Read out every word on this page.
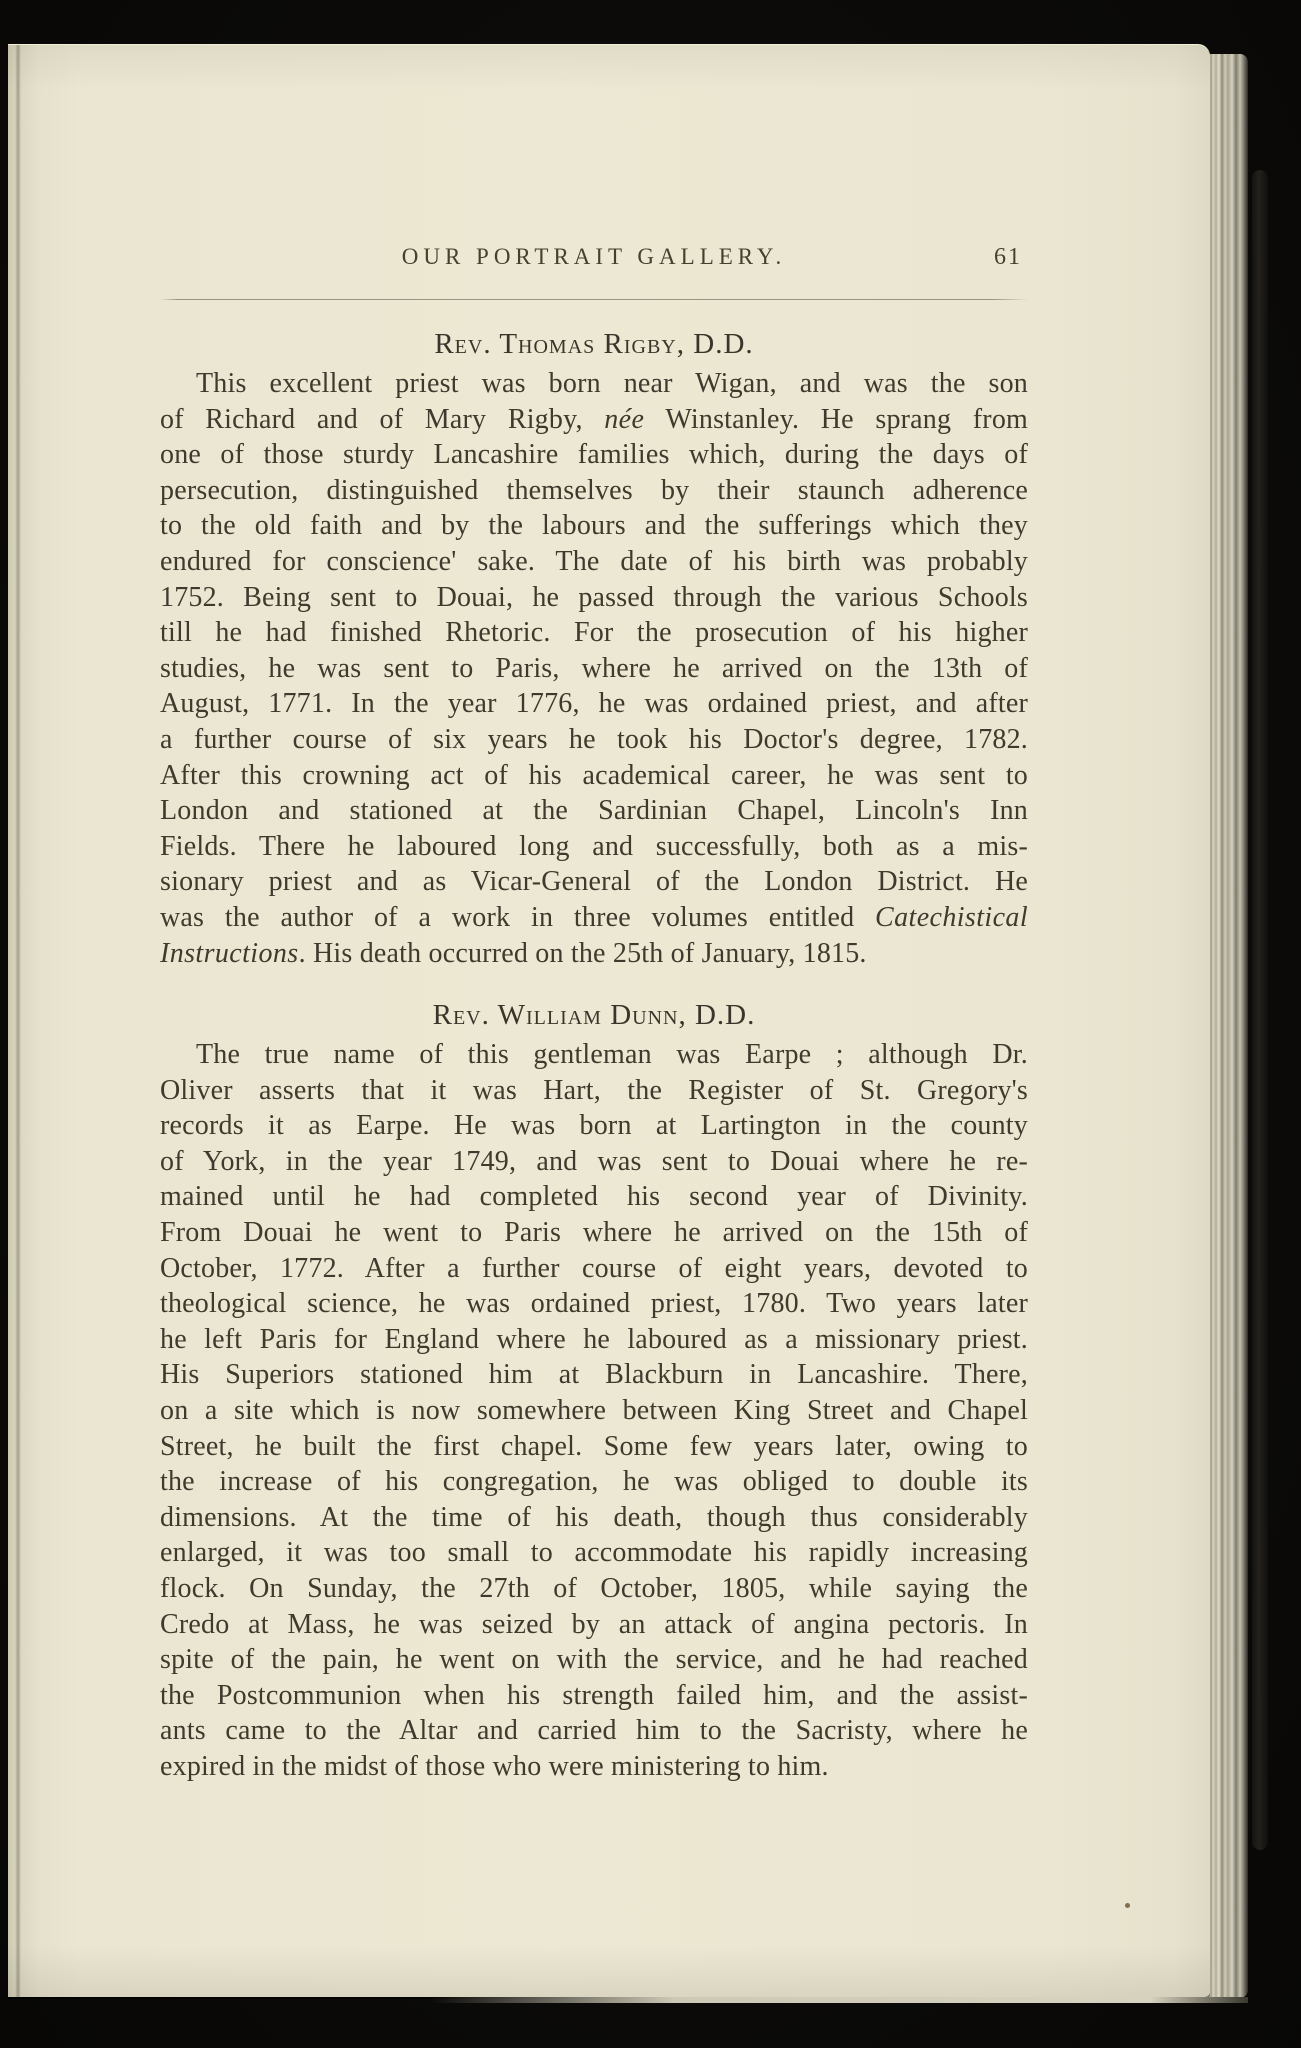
OUR PORTRAIT GALLERY.	61
Rev. Thomas Rigby, D.D.
This excellent priest was born near Wigan, and was the son
of Richard and of Mary Rigby, née Winstanley. He sprang from
one of those sturdy Lancashire families which, during the days of
persecution, distinguished themselves by their staunch adherence
to the old faith and by the labours and the sufferings which they
endured for conscience' sake. The date of his birth was probably
1752. Being sent to Douai, he passed through the various Schools
till he had finished Rhetoric. For the prosecution of his higher
studies, he was sent to Paris, where he arrived on the 13th of
August, 1771. In the year 1776, he was ordained priest, and after
a further course of six years he took his Doctor's degree, 1782.
After this crowning act of his academical career, he was sent to
London and stationed at the Sardinian Chapel, Lincoln's Inn
Fields. There he laboured long and successfully, both as a mis-
sionary priest and as Vicar-General of the London District. He
was the author of a work in three volumes entitled Catechistical
Instructions. His death occurred on the 25th of January, 1815.
Rev. William Dunn, D.D.
The true name of this gentleman was Earpe ; although Dr.
Oliver asserts that it was Hart, the Register of St. Gregory's
records it as Earpe. He was born at Lartington in the county
of York, in the year 1749, and was sent to Douai where he re-
mained until he had completed his second year of Divinity.
From Douai he went to Paris where he arrived on the 15th of
October, 1772. After a further course of eight years, devoted to
theological science, he was ordained priest, 1780. Two years later
he left Paris for England where he laboured as a missionary priest.
His Superiors stationed him at Blackburn in Lancashire. There,
on a site which is now somewhere between King Street and Chapel
Street, he built the first chapel. Some few years later, owing to
the increase of his congregation, he was obliged to double its
dimensions. At the time of his death, though thus considerably
enlarged, it was too small to accommodate his rapidly increasing
flock. On Sunday, the 27th of October, 1805, while saying the
Credo at Mass, he was seized by an attack of angina pectoris. In
spite of the pain, he went on with the service, and he had reached
the Postcommunion when his strength failed him, and the assist-
ants came to the Altar and carried him to the Sacristy, where he
expired in the midst of those who were ministering to him.
